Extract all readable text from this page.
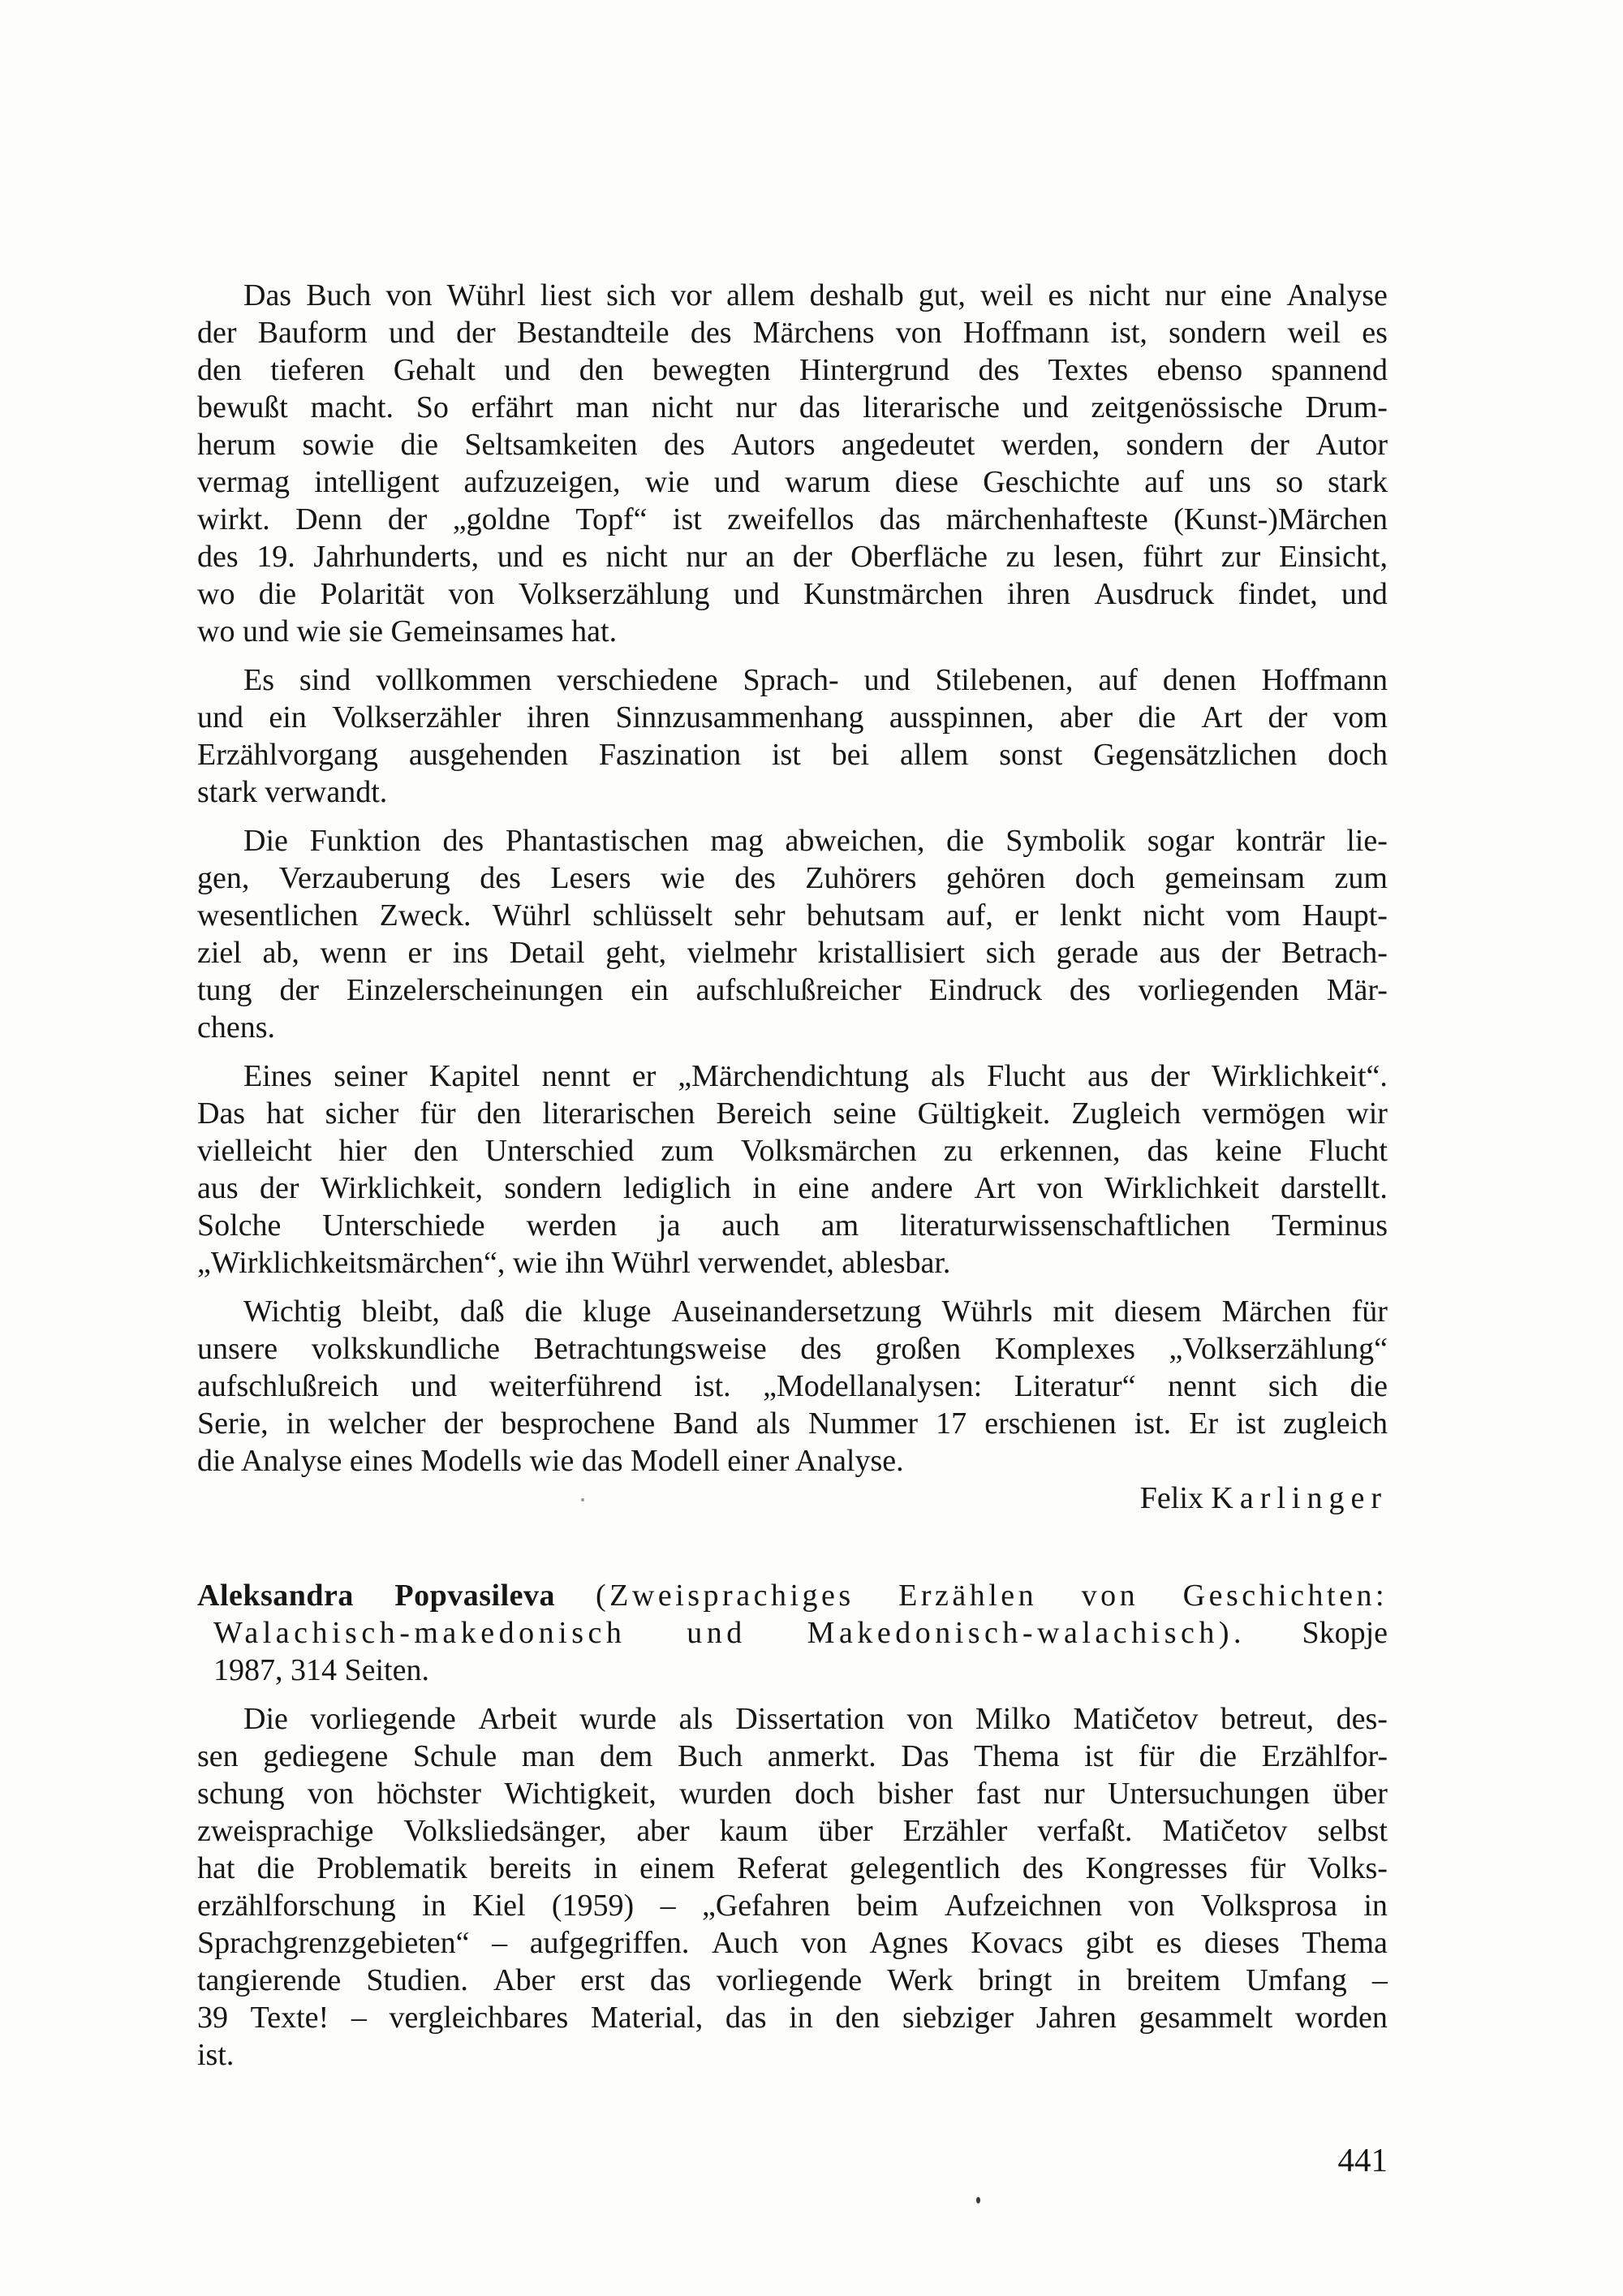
Das Buch von Wührl liest sich vor allem deshalb gut, weil es nicht nur eine Analyse
der Bauform und der Bestandteile des Märchens von Hoffmann ist, sondern weil es
den tieferen Gehalt und den bewegten Hintergrund des Textes ebenso spannend
bewußt macht. So erfährt man nicht nur das literarische und zeitgenössische Drum-
herum sowie die Seltsamkeiten des Autors angedeutet werden, sondern der Autor
vermag intelligent aufzuzeigen, wie und warum diese Geschichte auf uns so stark
wirkt. Denn der „goldne Topf“ ist zweifellos das märchenhafteste (Kunst-)Märchen
des 19. Jahrhunderts, und es nicht nur an der Oberfläche zu lesen, führt zur Einsicht,
wo die Polarität von Volkserzählung und Kunstmärchen ihren Ausdruck findet, und
wo und wie sie Gemeinsames hat.
Es sind vollkommen verschiedene Sprach- und Stilebenen, auf denen Hoffmann
und ein Volkserzähler ihren Sinnzusammenhang ausspinnen, aber die Art der vom
Erzählvorgang ausgehenden Faszination ist bei allem sonst Gegensätzlichen doch
stark verwandt.
Die Funktion des Phantastischen mag abweichen, die Symbolik sogar konträr lie-
gen, Verzauberung des Lesers wie des Zuhörers gehören doch gemeinsam zum
wesentlichen Zweck. Wührl schlüsselt sehr behutsam auf, er lenkt nicht vom Haupt-
ziel ab, wenn er ins Detail geht, vielmehr kristallisiert sich gerade aus der Betrach-
tung der Einzelerscheinungen ein aufschlußreicher Eindruck des vorliegenden Mär-
chens.
Eines seiner Kapitel nennt er „Märchendichtung als Flucht aus der Wirklichkeit“.
Das hat sicher für den literarischen Bereich seine Gültigkeit. Zugleich vermögen wir
vielleicht hier den Unterschied zum Volksmärchen zu erkennen, das keine Flucht
aus der Wirklichkeit, sondern lediglich in eine andere Art von Wirklichkeit darstellt.
Solche Unterschiede werden ja auch am literaturwissenschaftlichen Terminus
„Wirklichkeitsmärchen“, wie ihn Wührl verwendet, ablesbar.
Wichtig bleibt, daß die kluge Auseinandersetzung Wührls mit diesem Märchen für
unsere volkskundliche Betrachtungsweise des großen Komplexes „Volkserzählung“
aufschlußreich und weiterführend ist. „Modellanalysen: Literatur“ nennt sich die
Serie, in welcher der besprochene Band als Nummer 17 erschienen ist. Er ist zugleich
die Analyse eines Modells wie das Modell einer Analyse.
Felix Karlinger
Aleksandra Popvasileva (Zweisprachiges Erzählen von Geschichten:
Walachisch-makedonisch und Makedonisch-walachisch). Skopje
1987, 314 Seiten.
Die vorliegende Arbeit wurde als Dissertation von Milko Matičetov betreut, des-
sen gediegene Schule man dem Buch anmerkt. Das Thema ist für die Erzählfor-
schung von höchster Wichtigkeit, wurden doch bisher fast nur Untersuchungen über
zweisprachige Volksliedsänger, aber kaum über Erzähler verfaßt. Matičetov selbst
hat die Problematik bereits in einem Referat gelegentlich des Kongresses für Volks-
erzählforschung in Kiel (1959) – „Gefahren beim Aufzeichnen von Volksprosa in
Sprachgrenzgebieten“ – aufgegriffen. Auch von Agnes Kovacs gibt es dieses Thema
tangierende Studien. Aber erst das vorliegende Werk bringt in breitem Umfang –
39 Texte! – vergleichbares Material, das in den siebziger Jahren gesammelt worden
ist.
441
